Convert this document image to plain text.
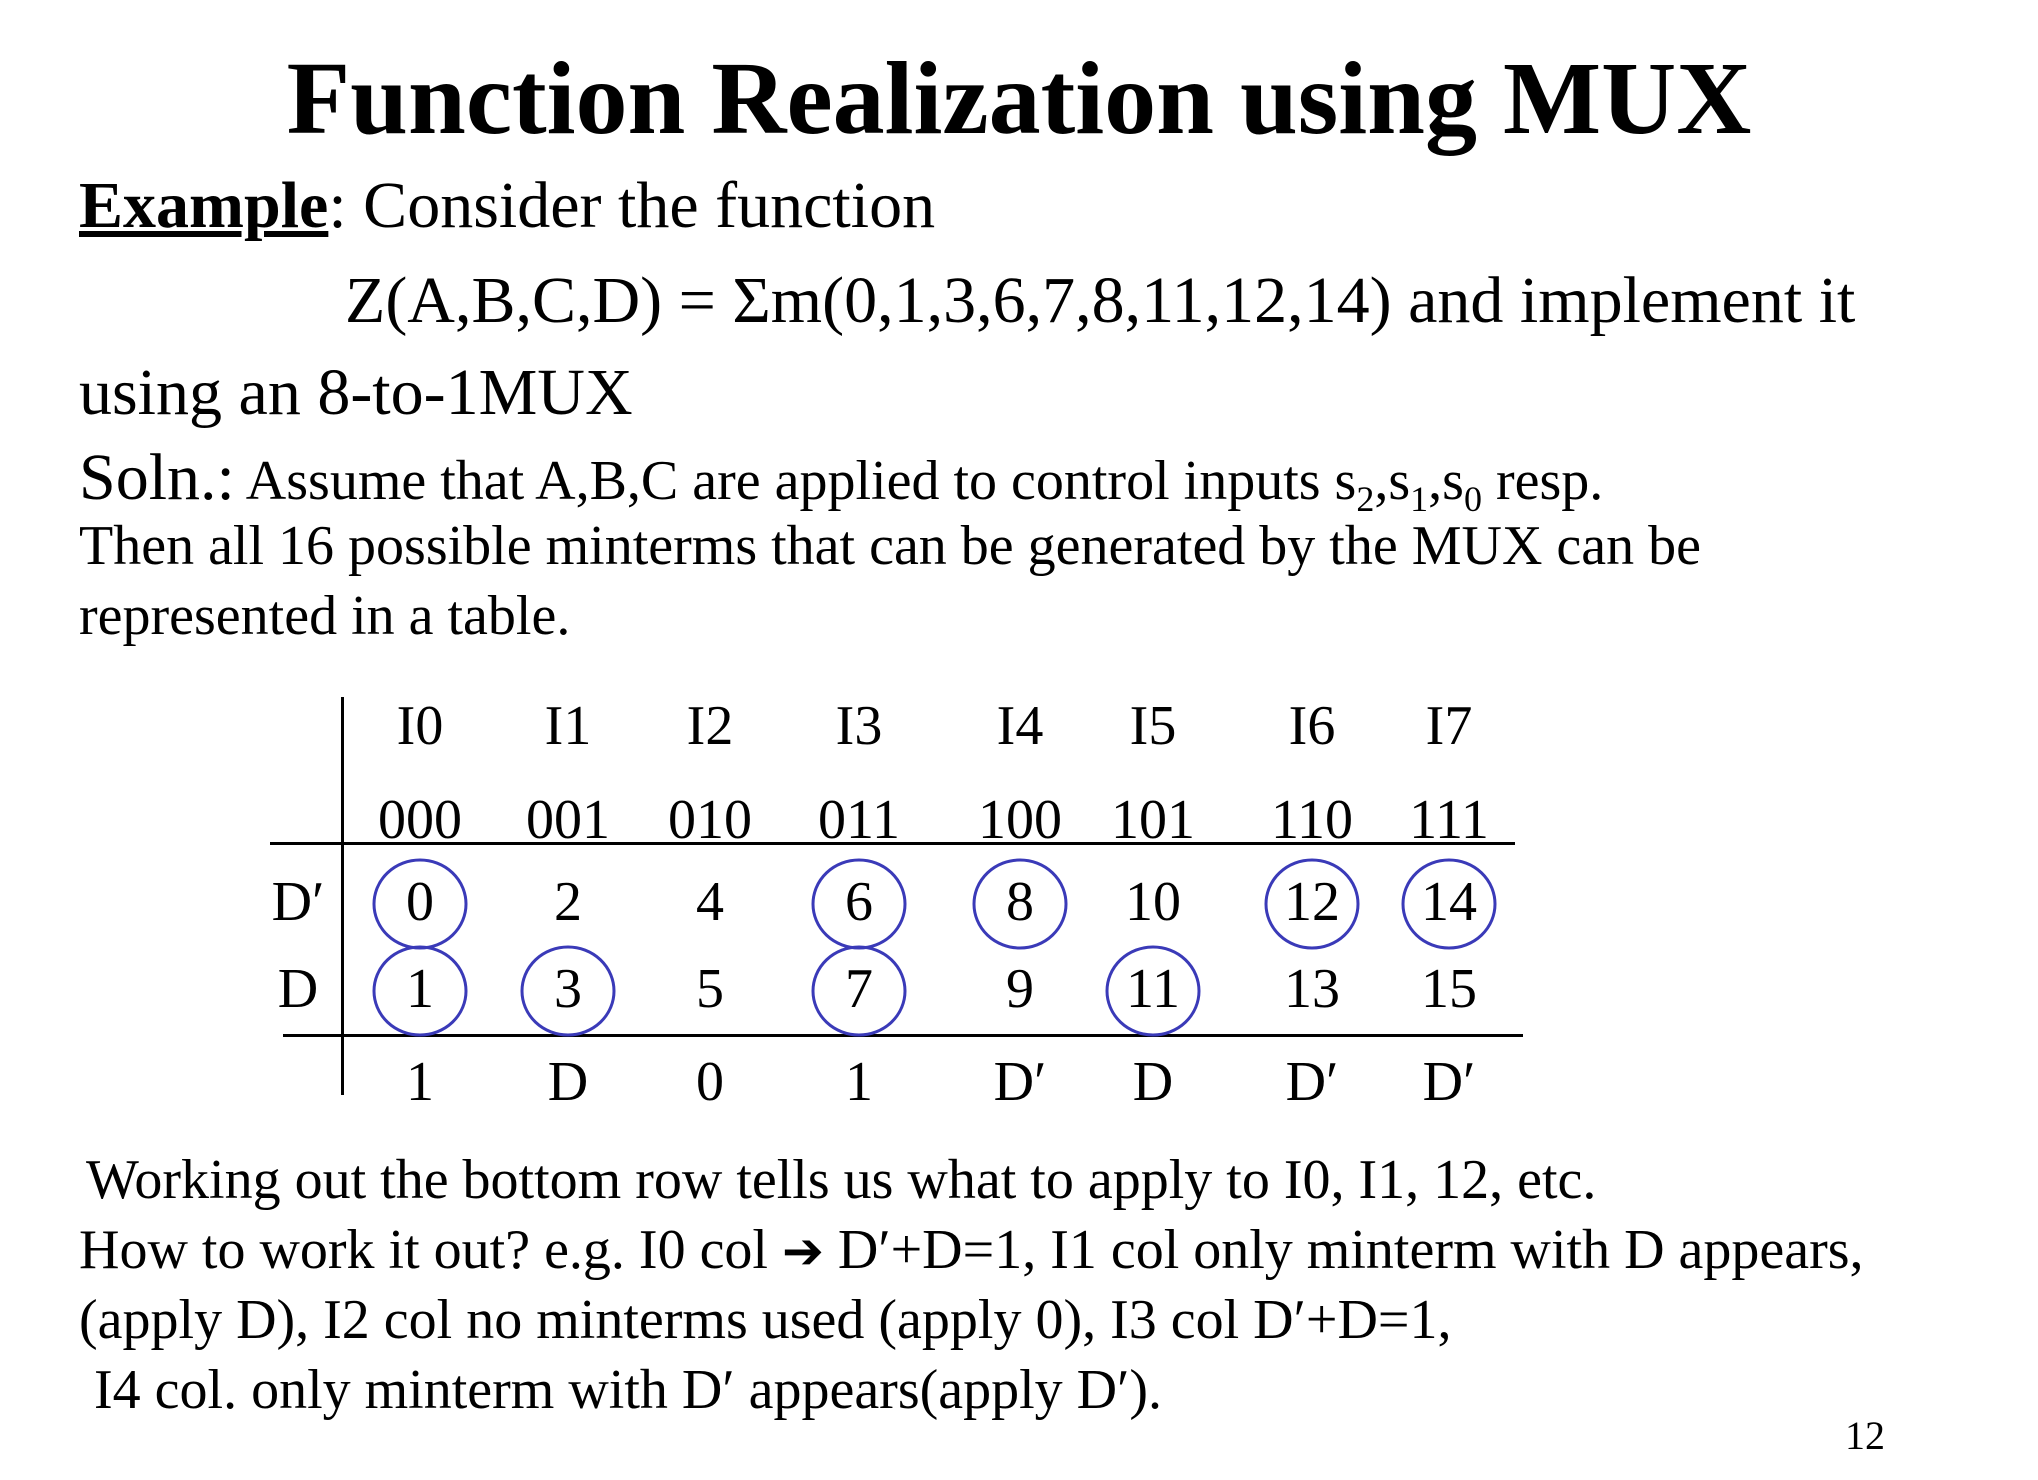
Function Realization using MUX
Example: Consider the function
Z(A,B,C,D) = Σm(0,1,3,6,7,8,11,12,14) and implement it
using an 8-to-1MUX
Soln.: Assume that A,B,C are applied to control inputs $s_2,s_1,s_0$ resp.
Then all 16 possible minterms that can be generated by the MUX can be
represented in a table.
I0 I1 I2 I3 I4 I5 I6 I7
000 001 010 011 100 101 110 111
0 2 4 6 8 10 12 14
1 3 5 7 9 11 13 15
1 D 0 1 D′ D D′ D′
D′
D
Working out the bottom row tells us what to apply to I0, I1, 12, etc.
How to work it out? e.g. I0 col ➔ D′+D=1, I1 col only minterm with D appears,
(apply D), I2 col no minterms used (apply 0), I3 col D′+D=1,
I4 col. only minterm with D′ appears(apply D′).
12
